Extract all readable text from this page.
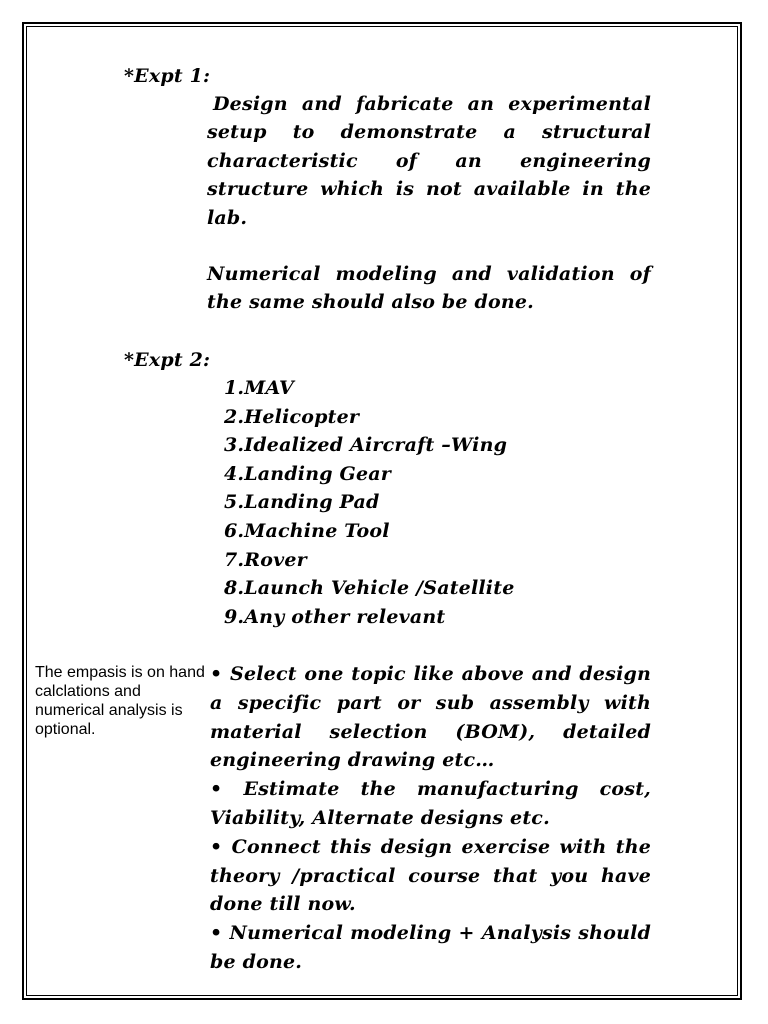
*Expt 1:
Design and fabricate an experimental setup to demonstrate a structural characteristic of an engineering structure which is not available in the lab.
Numerical modeling and validation of the same should also be done.
*Expt 2:
1.MAV
2.Helicopter
3.Idealized Aircraft –Wing
4.Landing Gear
5.Landing Pad
6.Machine Tool
7.Rover
8.Launch Vehicle /Satellite
9.Any other relevant
The empasis is on hand calclations and numerical analysis is optional.
• Select one topic like above and design a specific part or sub assembly with material selection (BOM), detailed engineering drawing etc…
• Estimate the manufacturing cost, Viability, Alternate designs etc.
• Connect this design exercise with the theory /practical course that you have done till now.
• Numerical modeling + Analysis should be done.
